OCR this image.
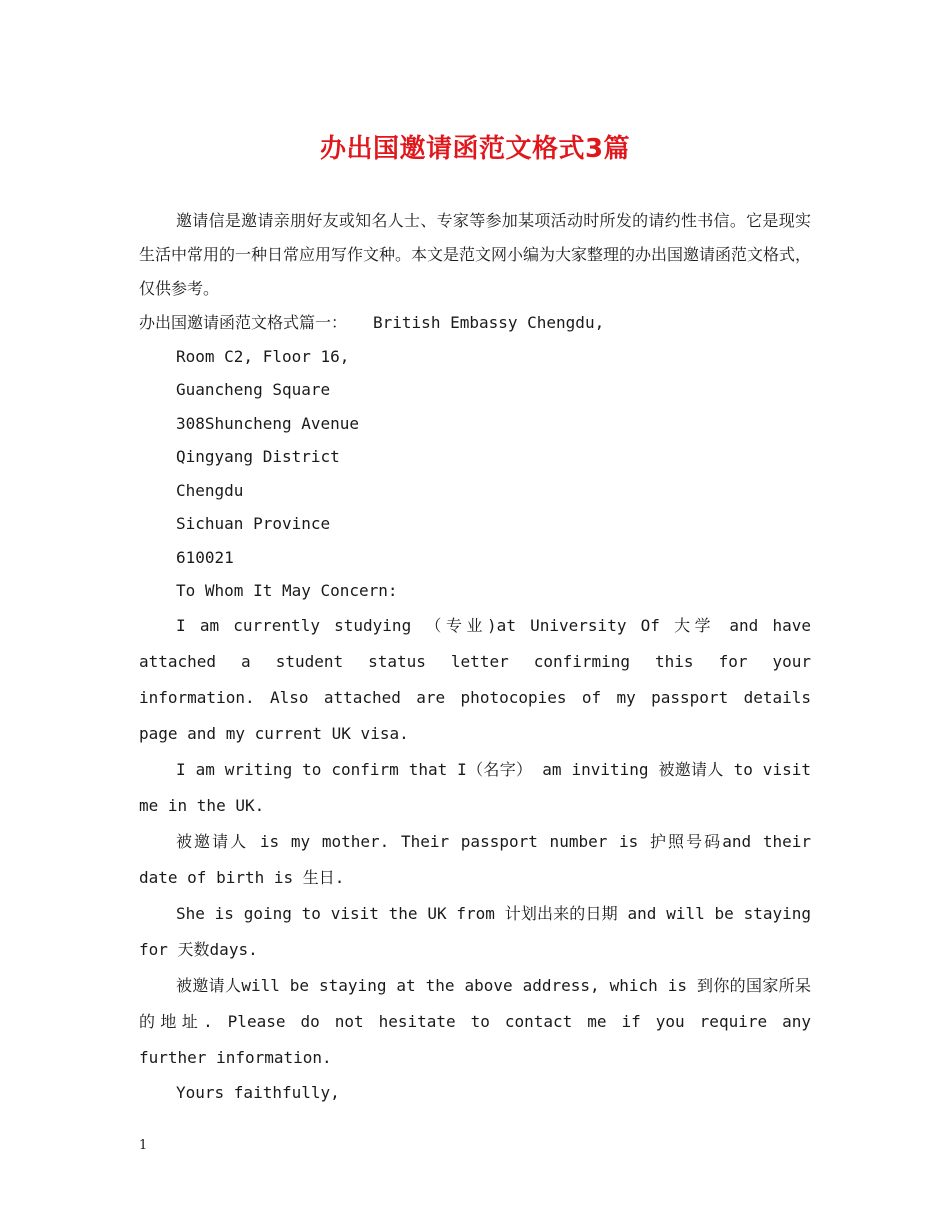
办出国邀请函范文格式3篇

邀请信是邀请亲朋好友或知名人士、专家等参加某项活动时所发的请约性书信。它是现实生活中常用的一种日常应用写作文种。本文是范文网小编为大家整理的办出国邀请函范文格式，仅供参考。

办出国邀请函范文格式篇一： British Embassy Chengdu,

Room C2, Floor 16,

Guancheng Square

308Shuncheng Avenue

Qingyang District

Chengdu

Sichuan Province

610021

To Whom It May Concern:

I am currently studying （专业)at University Of 大学 and have attached a student status letter confirming this for your information. Also attached are photocopies of my passport details page and my current UK visa.

I am writing to confirm that I（名字） am inviting 被邀请人 to visit me in the UK.

被邀请人 is my mother. Their passport number is 护照号码and their date of birth is 生日.

She is going to visit the UK from 计划出来的日期 and will be staying for 天数days.

被邀请人will be staying at the above address, which is 到你的国家所呆的地址. Please do not hesitate to contact me if you require any further information.

Yours faithfully,

1
